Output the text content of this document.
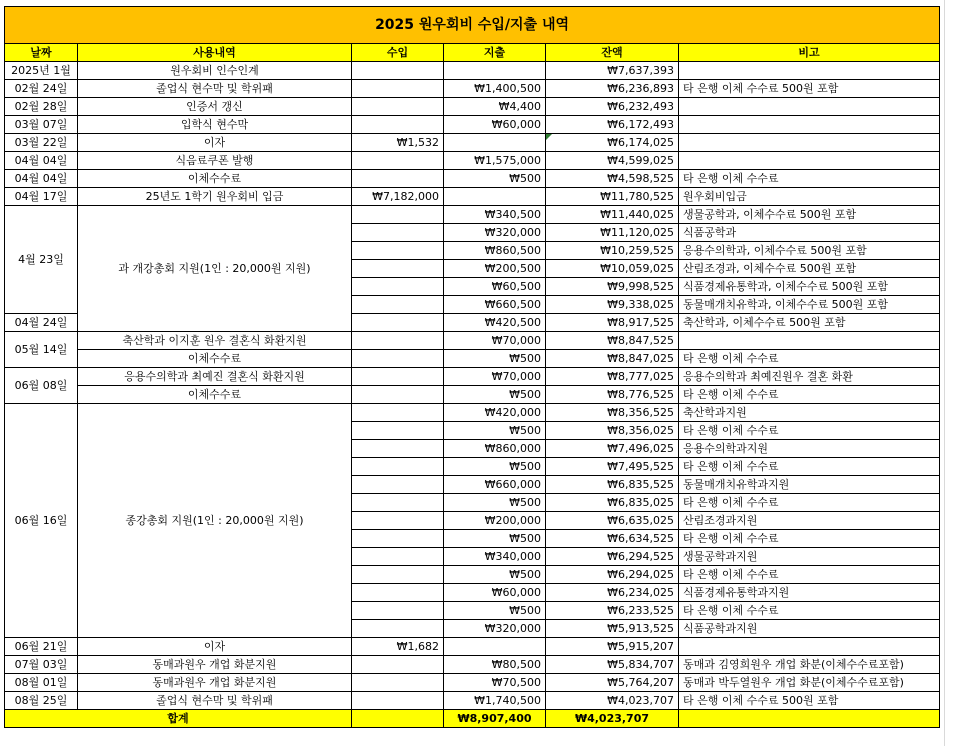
2025 원우회비 수입/지출 내역					
날짜	사용내역	수입	지출	잔액	비고
2025년 1월	원우회비 인수인계			₩7,637,393	
02월 24일	졸업식 현수막 및 학위패		₩1,400,500	₩6,236,893	타 은행 이체 수수료 500원 포함
02월 28일	인증서 갱신		₩4,400	₩6,232,493	
03월 07일	입학식 현수막		₩60,000	₩6,172,493	
03월 22일	이자	₩1,532		₩6,174,025	
04월 04일	식음료쿠폰 발행		₩1,575,000	₩4,599,025	
04월 04일	이체수수료		₩500	₩4,598,525	타 은행 이체 수수료
04월 17일	25년도 1학기 원우회비 입금	₩7,182,000		₩11,780,525	원우회비입금
4월 23일	과 개강총회 지원(1인 : 20,000원 지원)		₩340,500	₩11,440,025	생물공학과, 이체수수료 500원 포함
			₩320,000	₩11,120,025	식품공학과
			₩860,500	₩10,259,525	응용수의학과, 이체수수료 500원 포함
			₩200,500	₩10,059,025	산림조경과, 이체수수료 500원 포함
			₩60,500	₩9,998,525	식품경제유통학과, 이체수수료 500원 포함
			₩660,500	₩9,338,025	동물매개치유학과, 이체수수료 500원 포함
04월 24일			₩420,500	₩8,917,525	축산학과, 이체수수료 500원 포함
05월 14일	축산학과 이지훈 원우 결혼식 화환지원		₩70,000	₩8,847,525	
	이체수수료		₩500	₩8,847,025	타 은행 이체 수수료
06월 08일	응용수의학과 최예진 결혼식 화환지원		₩70,000	₩8,777,025	응용수의학과 최예진원우 결혼 화환
	이체수수료		₩500	₩8,776,525	타 은행 이체 수수료
06월 16일	종강총회 지원(1인 : 20,000원 지원)		₩420,000	₩8,356,525	축산학과지원
			₩500	₩8,356,025	타 은행 이체 수수료
			₩860,000	₩7,496,025	응용수의학과지원
			₩500	₩7,495,525	타 은행 이체 수수료
			₩660,000	₩6,835,525	동물매개치유학과지원
			₩500	₩6,835,025	타 은행 이체 수수료
			₩200,000	₩6,635,025	산림조경과지원
			₩500	₩6,634,525	타 은행 이체 수수료
			₩340,000	₩6,294,525	생물공학과지원
			₩500	₩6,294,025	타 은행 이체 수수료
			₩60,000	₩6,234,025	식품경제유통학과지원
			₩500	₩6,233,525	타 은행 이체 수수료
			₩320,000	₩5,913,525	식품공학과지원
06월 21일	이자	₩1,682		₩5,915,207	
07월 03일	동매과원우 개업 화분지원		₩80,500	₩5,834,707	동매과 김영희원우 개업 화분(이체수수료포함)
08월 01일	동매과원우 개업 화분지원		₩70,500	₩5,764,207	동매과 박두열원우 개업 화분(이체수수료포함)
08월 25일	졸업식 현수막 및 학위패		₩1,740,500	₩4,023,707	타 은행 이체 수수료 500원 포함
합계			₩8,907,400	₩4,023,707	
